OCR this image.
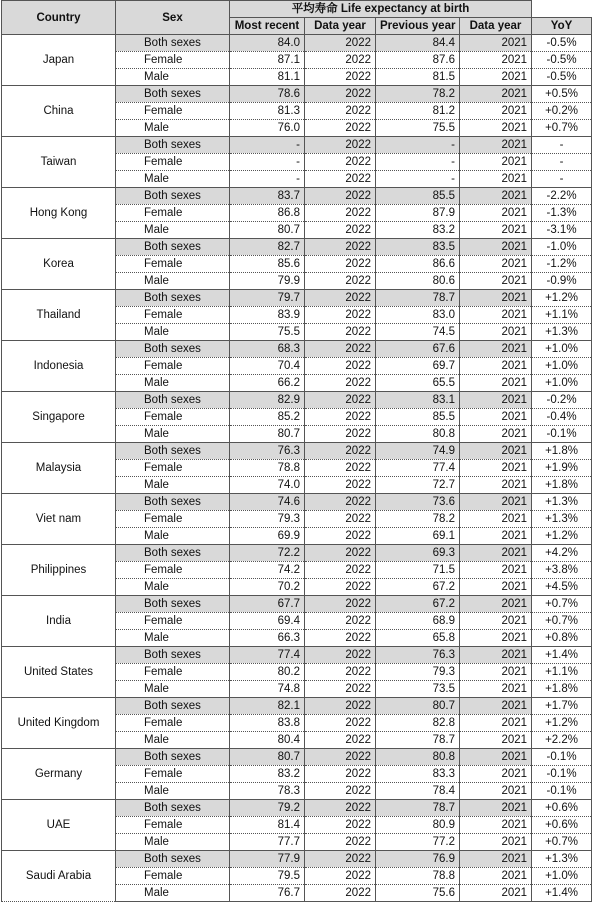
Country	Sex	平均寿命 Life expectancy at birth				
		Most recent	Data year	Previous year	Data year	YoY
Japan	Both sexes	84.0	2022	84.4	2021	-0.5%
	Female	87.1	2022	87.6	2021	-0.5%
	Male	81.1	2022	81.5	2021	-0.5%
China	Both sexes	78.6	2022	78.2	2021	+0.5%
	Female	81.3	2022	81.2	2021	+0.2%
	Male	76.0	2022	75.5	2021	+0.7%
Taiwan	Both sexes	-	2022	-	2021	-
	Female	-	2022	-	2021	-
	Male	-	2022	-	2021	-
Hong Kong	Both sexes	83.7	2022	85.5	2021	-2.2%
	Female	86.8	2022	87.9	2021	-1.3%
	Male	80.7	2022	83.2	2021	-3.1%
Korea	Both sexes	82.7	2022	83.5	2021	-1.0%
	Female	85.6	2022	86.6	2021	-1.2%
	Male	79.9	2022	80.6	2021	-0.9%
Thailand	Both sexes	79.7	2022	78.7	2021	+1.2%
	Female	83.9	2022	83.0	2021	+1.1%
	Male	75.5	2022	74.5	2021	+1.3%
Indonesia	Both sexes	68.3	2022	67.6	2021	+1.0%
	Female	70.4	2022	69.7	2021	+1.0%
	Male	66.2	2022	65.5	2021	+1.0%
Singapore	Both sexes	82.9	2022	83.1	2021	-0.2%
	Female	85.2	2022	85.5	2021	-0.4%
	Male	80.7	2022	80.8	2021	-0.1%
Malaysia	Both sexes	76.3	2022	74.9	2021	+1.8%
	Female	78.8	2022	77.4	2021	+1.9%
	Male	74.0	2022	72.7	2021	+1.8%
Viet nam	Both sexes	74.6	2022	73.6	2021	+1.3%
	Female	79.3	2022	78.2	2021	+1.3%
	Male	69.9	2022	69.1	2021	+1.2%
Philippines	Both sexes	72.2	2022	69.3	2021	+4.2%
	Female	74.2	2022	71.5	2021	+3.8%
	Male	70.2	2022	67.2	2021	+4.5%
India	Both sexes	67.7	2022	67.2	2021	+0.7%
	Female	69.4	2022	68.9	2021	+0.7%
	Male	66.3	2022	65.8	2021	+0.8%
United States	Both sexes	77.4	2022	76.3	2021	+1.4%
	Female	80.2	2022	79.3	2021	+1.1%
	Male	74.8	2022	73.5	2021	+1.8%
United Kingdom	Both sexes	82.1	2022	80.7	2021	+1.7%
	Female	83.8	2022	82.8	2021	+1.2%
	Male	80.4	2022	78.7	2021	+2.2%
Germany	Both sexes	80.7	2022	80.8	2021	-0.1%
	Female	83.2	2022	83.3	2021	-0.1%
	Male	78.3	2022	78.4	2021	-0.1%
UAE	Both sexes	79.2	2022	78.7	2021	+0.6%
	Female	81.4	2022	80.9	2021	+0.6%
	Male	77.7	2022	77.2	2021	+0.7%
Saudi Arabia	Both sexes	77.9	2022	76.9	2021	+1.3%
	Female	79.5	2022	78.8	2021	+1.0%
	Male	76.7	2022	75.6	2021	+1.4%
